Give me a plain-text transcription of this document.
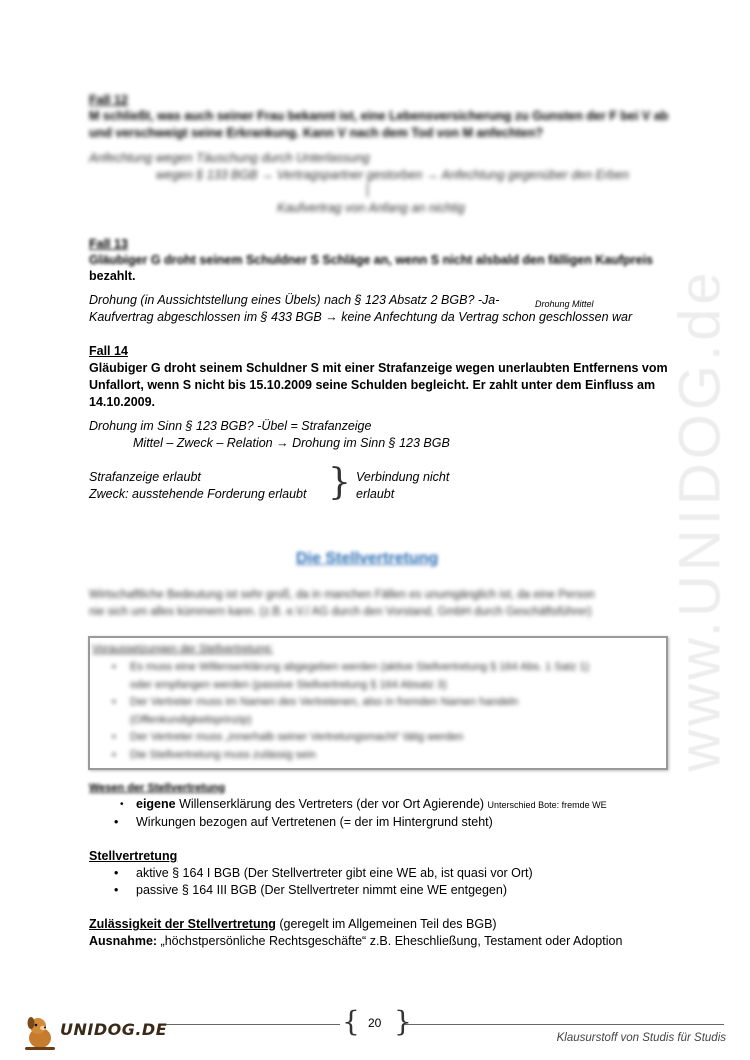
www.UNIDOG.de
Fall 12
M schließt, was auch seiner Frau bekannt ist, eine Lebensversicherung zu Gunsten der F bei V ab
und verschweigt seine Erkrankung. Kann V nach dem Tod von M anfechten?
Anfechtung wegen Täuschung durch Unterlassung
wegen § 133 BGB → Vertragspartner gestorben → Anfechtung gegenüber den Erben
Kaufvertrag von Anfang an nichtig
Fall 13
Gläubiger G droht seinem Schuldner S Schläge an, wenn S nicht alsbald den fälligen Kaufpreis
bezahlt.
Drohung (in Aussichtstellung eines Übels) nach § 123 Absatz 2 BGB? -Ja-	Drohung Mittel
Kaufvertrag abgeschlossen im § 433 BGB → keine Anfechtung da Vertrag schon geschlossen war
Fall 14
Gläubiger G droht seinem Schuldner S mit einer Strafanzeige wegen unerlaubten Entfernens vom
Unfallort, wenn S nicht bis 15.10.2009 seine Schulden begleicht. Er zahlt unter dem Einfluss am
14.10.2009.
Drohung im Sinn § 123 BGB? -Übel = Strafanzeige
Mittel – Zweck – Relation → Drohung im Sinn § 123 BGB
Strafanzeige erlaubt
Zweck: ausstehende Forderung erlaubt } Verbindung nicht
erlaubt
Die Stellvertretung
Wirtschaftliche Bedeutung ist sehr groß, da in manchen Fällen es unumgänglich ist, da eine Person
nie sich um alles kümmern kann. (z.B. e.V./ AG durch den Vorstand, GmbH durch Geschäftsführer)
Voraussetzungen der Stellvertretung:
• Es muss eine Willenserklärung abgegeben werden (aktive Stellvertretung § 164 Abs. 1 Satz 1)
oder empfangen werden (passive Stellvertretung § 164 Absatz 3)
• Der Vertreter muss im Namen des Vertretenen, also in fremden Namen handeln
(Offenkundigkeitsprinzip)
• Der Vertreter muss „innerhalb seiner Vertretungsmacht“ tätig werden
• Die Stellvertretung muss zulässig sein
Wesen der Stellvertretung
• eigene Willenserklärung des Vertreters (der vor Ort Agierende) Unterschied Bote: fremde WE
• Wirkungen bezogen auf Vertretenen (= der im Hintergrund steht)
Stellvertretung
• aktive § 164 I BGB (Der Stellvertreter gibt eine WE ab, ist quasi vor Ort)
• passive § 164 III BGB (Der Stellvertreter nimmt eine WE entgegen)
Zulässigkeit der Stellvertretung (geregelt im Allgemeinen Teil des BGB)
Ausnahme: „höchstpersönliche Rechtsgeschäfte“ z.B. Eheschließung, Testament oder Adoption
{ }
20
UNIDOG.DE	Klausurstoff von Studis für Studis
